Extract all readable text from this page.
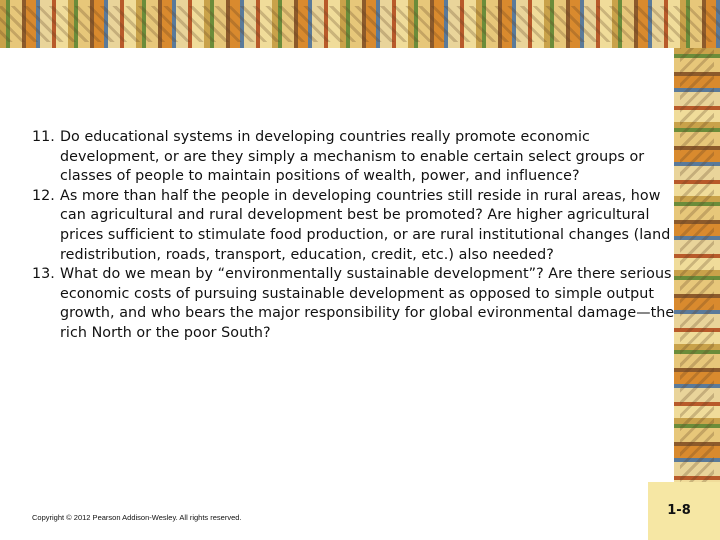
11. Do educational systems in developing countries really promote economic development, or are they simply a mechanism to enable certain select groups or classes of people to maintain positions of wealth, power, and influence?

12. As more than half the people in developing countries still reside in rural areas, how can agricultural and rural development best be promoted? Are higher agricultural prices sufficient to stimulate food production, or are rural institutional changes (land redistribution, roads, transport, education, credit, etc.) also needed?

13. What do we mean by “environmentally sustainable development”? Are there serious economic costs of pursuing sustainable development as opposed to simple output growth, and who bears the major responsibility for global evironmental damage—the rich North or the poor South?

Copyright © 2012 Pearson Addison-Wesley. All rights reserved.	1-8
